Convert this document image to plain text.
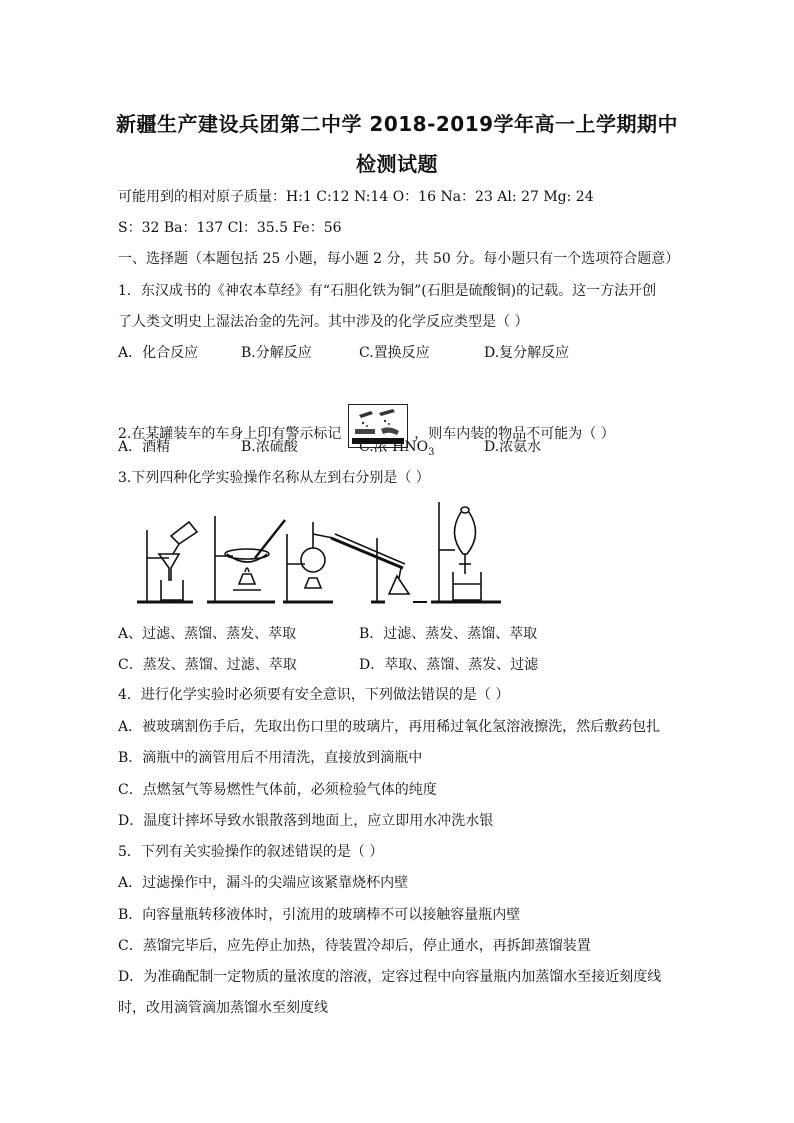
新疆生产建设兵团第二中学 2018-2019学年高一上学期期中
检测试题
可能用到的相对原子质量：H:1 C:12 N:14 O：16 Na：23 Al: 27 Mg: 24
S：32 Ba：137 Cl：35.5 Fe：56
一、选择题（本题包括 25 小题，每小题 2 分，共 50 分。每小题只有一个选项符合题意）
1．东汉成书的《神农本草经》有“石胆化铁为铜”(石胆是硫酸铜)的记载。这一方法开创
了人类文明史上湿法冶金的先河。其中涉及的化学反应类型是（ ）
A．化合反应	B.分解反应	C.置换反应	D.复分解反应
2.在某罐装车的车身上印有警示标记	，则车内装的物品不可能为（ ）
A．酒精	B.浓硫酸	C.浓 $HNO_3$	D.浓氨水
3.下列四种化学实验操作名称从左到右分别是（ ）
A、过滤、蒸馏、蒸发、萃取	B．过滤、蒸发、蒸馏、萃取
C．蒸发、蒸馏、过滤、萃取	D．萃取、蒸馏、蒸发、过滤
4．进行化学实验时必须要有安全意识，下列做法错误的是（ ）
A．被玻璃割伤手后，先取出伤口里的玻璃片，再用稀过氧化氢溶液擦洗，然后敷药包扎
B．滴瓶中的滴管用后不用清洗，直接放到滴瓶中
C．点燃氢气等易燃性气体前，必须检验气体的纯度
D．温度计摔坏导致水银散落到地面上，应立即用水冲洗水银
5．下列有关实验操作的叙述错误的是（ ）
A．过滤操作中，漏斗的尖端应该紧靠烧杯内壁
B．向容量瓶转移液体时，引流用的玻璃棒不可以接触容量瓶内壁
C．蒸馏完毕后，应先停止加热，待装置冷却后，停止通水，再拆卸蒸馏装置
D．为准确配制一定物质的量浓度的溶液，定容过程中向容量瓶内加蒸馏水至接近刻度线
时，改用滴管滴加蒸馏水至刻度线
